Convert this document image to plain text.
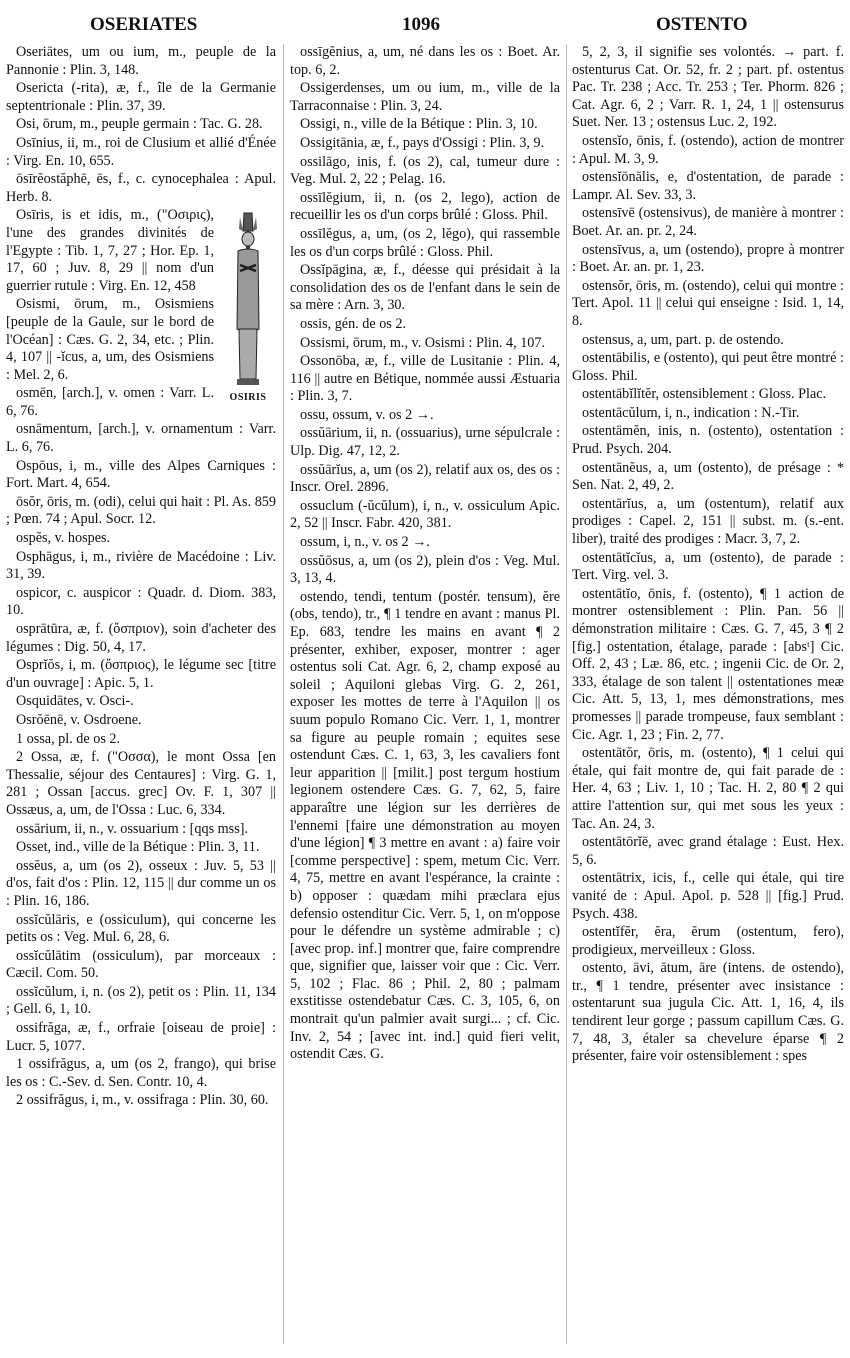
OSERIATES	1096	OSTENTO
Oseriātes, um ou ium, m., peuple de la Pannonie : Plin. 3, 148.
Osericta (-rita), æ, f., île de la Germanie septentrionale : Plin. 37, 39.
Osi, ōrum, m., peuple germain : Tac. G. 28.
Osīnius, ii, m., roi de Clusium et allié d'Énée : Virg. En. 10, 655.
ōsīrĕostăphē, ēs, f., c. cynocephalea : Apul. Herb. 8.
OSIRIS
Osīris, is et idis, m., ("Οσιρις), l'une des grandes divinités de l'Egypte : Tib. 1, 7, 27 ; Hor. Ep. 1, 17, 60 ; Juv. 8, 29 || nom d'un guerrier rutule : Virg. En. 12, 458
Osismi, ōrum, m., Osismiens [peuple de la Gaule, sur le bord de l'Océan] : Cæs. G. 2, 34, etc. ; Plin. 4, 107 || -ĭcus, a, um, des Osismiens : Mel. 2, 6.
osmēn, [arch.], v. omen : Varr. L. 6, 76.
osnāmentum, [arch.], v. ornamentum : Varr. L. 6, 76.
Ospōus, i, m., ville des Alpes Carniques : Fort. Mart. 4, 654.
ōsŏr, ōris, m. (odi), celui qui hait : Pl. As. 859 ; Pœn. 74 ; Apul. Socr. 12.
ospĕs, v. hospes.
Osphāgus, i, m., rivière de Macédoine : Liv. 31, 39.
ospicor, c. auspicor : Quadr. d. Diom. 383, 10.
osprātūra, æ, f. (ὄσπριον), soin d'acheter des légumes : Dig. 50, 4, 17.
Osprĭŏs, i, m. (ὄσπριος), le légume sec [titre d'un ouvrage] : Apic. 5, 1.
Osquidātes, v. Osci-.
Osrŏēnē, v. Osdroene.
1 ossa, pl. de os 2.
2 Ossa, æ, f. ("Οσσα), le mont Ossa [en Thessalie, séjour des Centaures] : Virg. G. 1, 281 ; Ossan [accus. grec] Ov. F. 1, 307 || Ossæus, a, um, de l'Ossa : Luc. 6, 334.
ossārium, ii, n., v. ossuarium : [qqs mss].
Osset, ind., ville de la Bétique : Plin. 3, 11.
ossĕus, a, um (os 2), osseux : Juv. 5, 53 || d'os, fait d'os : Plin. 12, 115 || dur comme un os : Plin. 16, 186.
ossĭcŭlāris, e (ossiculum), qui concerne les petits os : Veg. Mul. 6, 28, 6.
ossĭcŭlātim (ossiculum), par morceaux : Cæcil. Com. 50.
ossĭcŭlum, i, n. (os 2), petit os : Plin. 11, 134 ; Gell. 6, 1, 10.
ossifrăga, æ, f., orfraie [oiseau de proie] : Lucr. 5, 1077.
1 ossifrăgus, a, um (os 2, frango), qui brise les os : C.-Sev. d. Sen. Contr. 10, 4.
2 ossifrăgus, i, m., v. ossifraga : Plin. 30, 60.
ossīgĕnius, a, um, né dans les os : Boet. Ar. top. 6, 2.
Ossigerdenses, um ou ium, m., ville de la Tarraconnaise : Plin. 3, 24.
Ossigi, n., ville de la Bétique : Plin. 3, 10.
Ossigitānia, æ, f., pays d'Ossigi : Plin. 3, 9.
ossilāgo, inis, f. (os 2), cal, tumeur dure : Veg. Mul. 2, 22 ; Pelag. 16.
ossīlĕgium, ii, n. (os 2, lego), action de recueillir les os d'un corps brûlé : Gloss. Phil.
ossīlĕgus, a, um, (os 2, lĕgo), qui rassemble les os d'un corps brûlé : Gloss. Phil.
Ossĭpāgina, æ, f., déesse qui présidait à la consolidation des os de l'enfant dans le sein de sa mère : Arn. 3, 30.
ossis, gén. de os 2.
Ossismi, ōrum, m., v. Osismi : Plin. 4, 107.
Ossonōba, æ, f., ville de Lusitanie : Plin. 4, 116 || autre en Bétique, nommée aussi Æstuaria : Plin. 3, 7.
ossu, ossum, v. os 2 →.
ossŭārium, ii, n. (ossuarius), urne sépulcrale : Ulp. Dig. 47, 12, 2.
ossŭārĭus, a, um (os 2), relatif aux os, des os : Inscr. Orel. 2896.
ossuclum (-ŭcŭlum), i, n., v. ossiculum Apic. 2, 52 || Inscr. Fabr. 420, 381.
ossum, i, n., v. os 2 →.
ossŭōsus, a, um (os 2), plein d'os : Veg. Mul. 3, 13, 4.
ostendo, tendi, tentum (postér. tensum), ĕre (obs, tendo), tr., ¶ 1 tendre en avant : manus Pl. Ep. 683, tendre les mains en avant ¶ 2 présenter, exhiber, exposer, montrer : ager ostentus soli Cat. Agr. 6, 2, champ exposé au soleil ; Aquiloni glebas Virg. G. 2, 261, exposer les mottes de terre à l'Aquilon || os suum populo Romano Cic. Verr. 1, 1, montrer sa figure au peuple romain ; equites sese ostendunt Cæs. C. 1, 63, 3, les cavaliers font leur apparition || [milit.] post tergum hostium legionem ostendere Cæs. G. 7, 62, 5, faire apparaître une légion sur les derrières de l'ennemi [faire une démonstration au moyen d'une légion] ¶ 3 mettre en avant : a) faire voir [comme perspective] : spem, metum Cic. Verr. 4, 75, mettre en avant l'espérance, la crainte : b) opposer : quædam mihi præclara ejus defensio ostenditur Cic. Verr. 5, 1, on m'oppose pour le défendre un système admirable ; c) [avec prop. inf.] montrer que, faire comprendre que, signifier que, laisser voir que : Cic. Verr. 5, 102 ; Flac. 86 ; Phil. 2, 80 ; palmam exstitisse ostendebatur Cæs. C. 3, 105, 6, on montrait qu'un palmier avait surgi... ; cf. Cic. Inv. 2, 54 ; [avec int. ind.] quid fieri velit, ostendit Cæs. G.
5, 2, 3, il signifie ses volontés. → part. f. ostenturus Cat. Or. 52, fr. 2 ; part. pf. ostentus Pac. Tr. 238 ; Acc. Tr. 253 ; Ter. Phorm. 826 ; Cat. Agr. 6, 2 ; Varr. R. 1, 24, 1 || ostensurus Suet. Ner. 13 ; ostensus Luc. 2, 192.
ostensĭo, ōnis, f. (ostendo), action de montrer : Apul. M. 3, 9.
ostensĭōnālis, e, d'ostentation, de parade : Lampr. Al. Sev. 33, 3.
ostensīvē (ostensivus), de manière à montrer : Boet. Ar. an. pr. 2, 24.
ostensīvus, a, um (ostendo), propre à montrer : Boet. Ar. an. pr. 1, 23.
ostensŏr, ōris, m. (ostendo), celui qui montre : Tert. Apol. 11 || celui qui enseigne : Isid. 1, 14, 8.
ostensus, a, um, part. p. de ostendo.
ostentābilis, e (ostento), qui peut être montré : Gloss. Phil.
ostentābĭlĭtĕr, ostensiblement : Gloss. Plac.
ostentācŭlum, i, n., indication : N.-Tir.
ostentāmĕn, inis, n. (ostento), ostentation : Prud. Psych. 204.
ostentānĕus, a, um (ostento), de présage : * Sen. Nat. 2, 49, 2.
ostentārĭus, a, um (ostentum), relatif aux prodiges : Capel. 2, 151 || subst. m. (s.-ent. liber), traité des prodiges : Macr. 3, 7, 2.
ostentātĭcĭus, a, um (ostento), de parade : Tert. Virg. vel. 3.
ostentātĭo, ōnis, f. (ostento), ¶ 1 action de montrer ostensiblement : Plin. Pan. 56 || démonstration militaire : Cæs. G. 7, 45, 3 ¶ 2 [fig.] ostentation, étalage, parade : [absᵗ] Cic. Off. 2, 43 ; Læ. 86, etc. ; ingenii Cic. de Or. 2, 333, étalage de son talent || ostentationes meæ Cic. Att. 5, 13, 1, mes démonstrations, mes promesses || parade trompeuse, faux semblant : Cic. Agr. 1, 23 ; Fin. 2, 77.
ostentātŏr, ōris, m. (ostento), ¶ 1 celui qui étale, qui fait montre de, qui fait parade de : Her. 4, 63 ; Liv. 1, 10 ; Tac. H. 2, 80 ¶ 2 qui attire l'attention sur, qui met sous les yeux : Tac. An. 24, 3.
ostentātōrĭē, avec grand étalage : Eust. Hex. 5, 6.
ostentātrix, icis, f., celle qui étale, qui tire vanité de : Apul. Apol. p. 528 || [fig.] Prud. Psych. 438.
ostentĭfĕr, ĕra, ĕrum (ostentum, fero), prodigieux, merveilleux : Gloss.
ostento, āvi, ātum, āre (intens. de ostendo), tr., ¶ 1 tendre, présenter avec insistance : ostentarunt sua jugula Cic. Att. 1, 16, 4, ils tendirent leur gorge ; passum capillum Cæs. G. 7, 48, 3, étaler sa chevelure éparse ¶ 2 présenter, faire voir ostensiblement : spes
